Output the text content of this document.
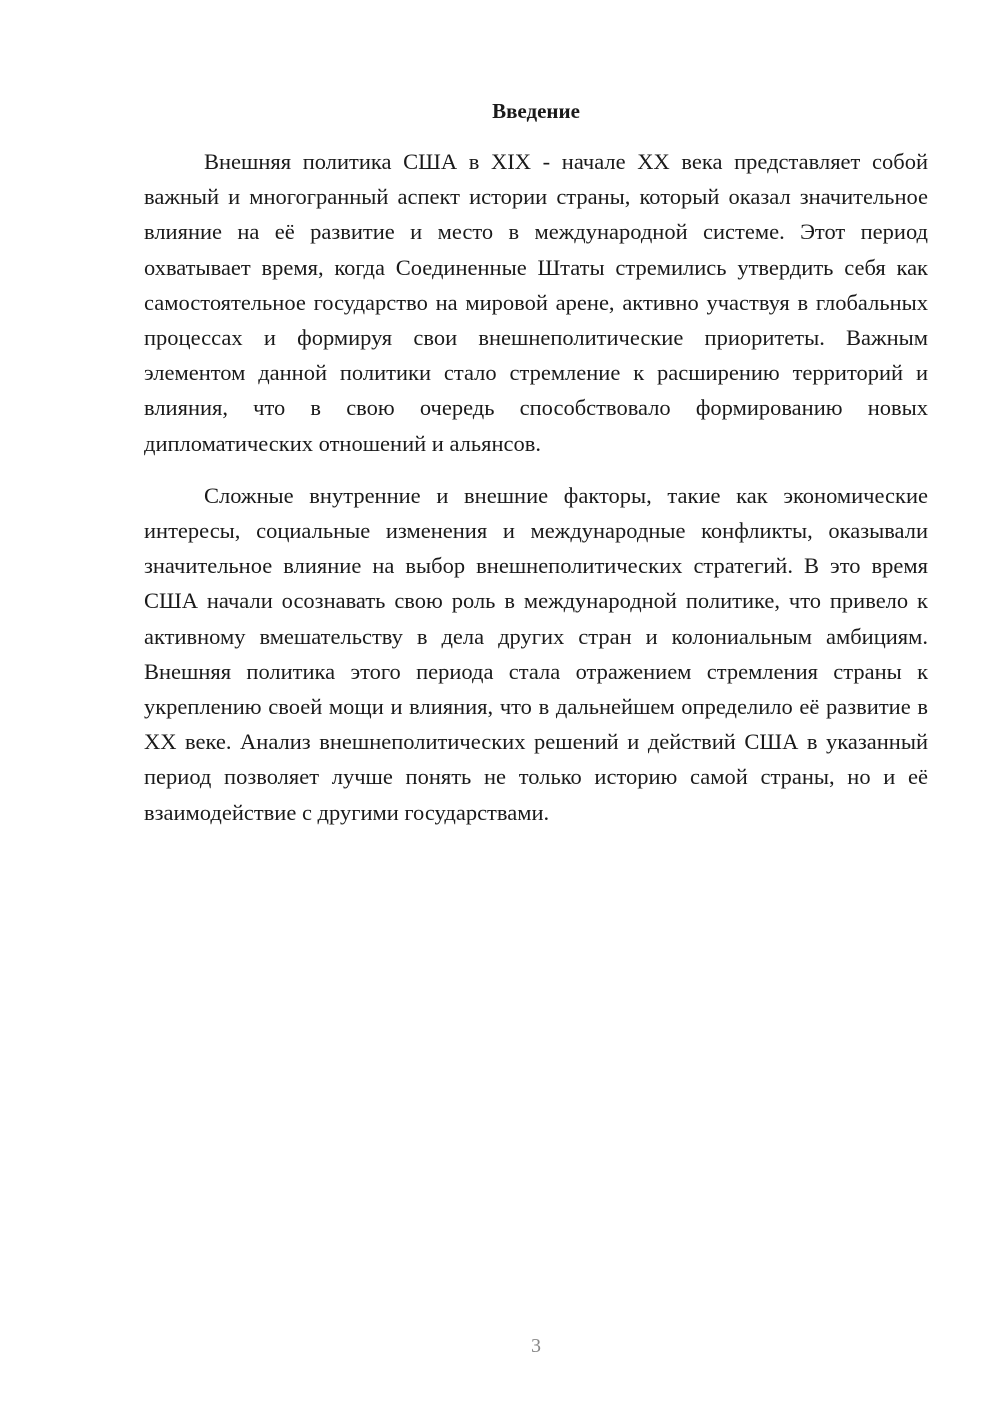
Введение

Внешняя политика США в XIX - начале XX века представляет собой важный и многогранный аспект истории страны, который оказал значительное влияние на её развитие и место в международной системе. Этот период охватывает время, когда Соединенные Штаты стремились утвердить себя как самостоятельное государство на мировой арене, активно участвуя в глобальных процессах и формируя свои внешнеполитические приоритеты. Важным элементом данной политики стало стремление к расширению территорий и влияния, что в свою очередь способствовало формированию новых дипломатических отношений и альянсов.

Сложные внутренние и внешние факторы, такие как экономические интересы, социальные изменения и международные конфликты, оказывали значительное влияние на выбор внешнеполитических стратегий. В это время США начали осознавать свою роль в международной политике, что привело к активному вмешательству в дела других стран и колониальным амбициям. Внешняя политика этого периода стала отражением стремления страны к укреплению своей мощи и влияния, что в дальнейшем определило её развитие в XX веке. Анализ внешнеполитических решений и действий США в указанный период позволяет лучше понять не только историю самой страны, но и её взаимодействие с другими государствами.

3
